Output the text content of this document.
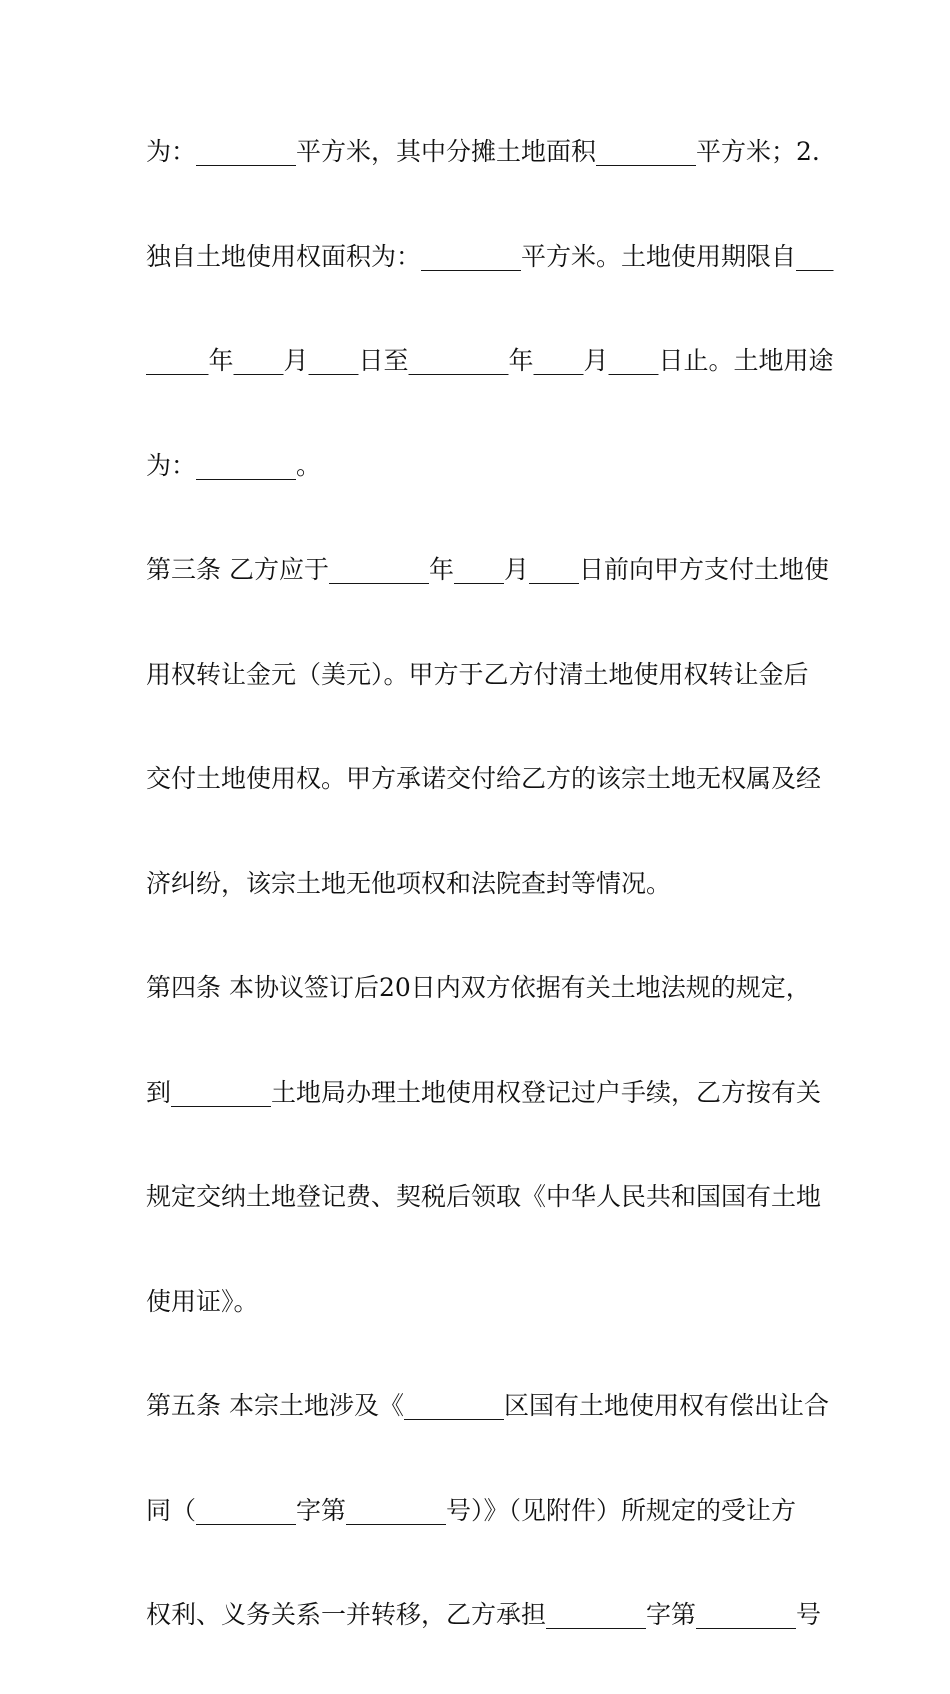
为：________平方米，其中分摊土地面积________平方米；2.
独自土地使用权面积为：________平方米。土地使用期限自___
_____年____月____日至________年____月____日止。土地用途
为：________。
第三条 乙方应于________年____月____日前向甲方支付土地使
用权转让金元（美元）。甲方于乙方付清土地使用权转让金后
交付土地使用权。甲方承诺交付给乙方的该宗土地无权属及经
济纠纷，该宗土地无他项权和法院查封等情况。
第四条 本协议签订后20日内双方依据有关土地法规的规定，
到________土地局办理土地使用权登记过户手续，乙方按有关
规定交纳土地登记费、契税后领取《中华人民共和国国有土地
使用证》。
第五条 本宗土地涉及《________区国有土地使用权有偿出让合
同（________字第________号）》（见附件）所规定的受让方
权利、义务关系一并转移，乙方承担________字第________号
